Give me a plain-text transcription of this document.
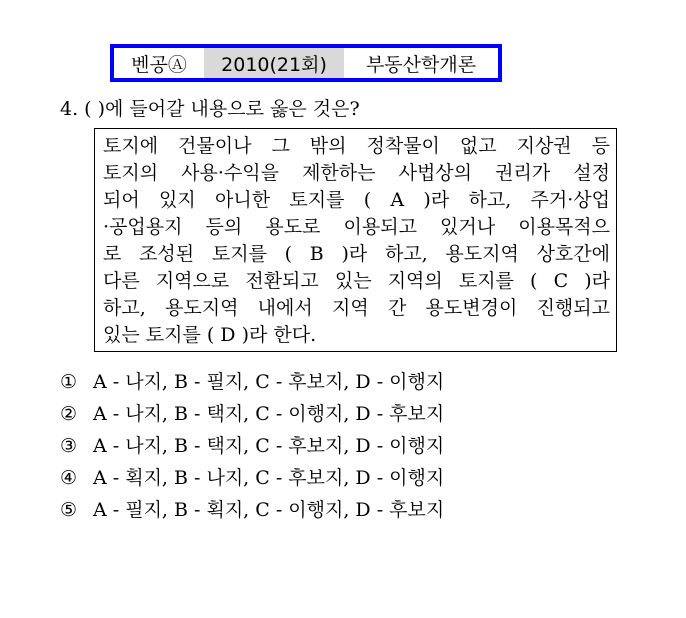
벤공Ⓐ	2010(21회)	부동산학개론
4. ( )에 들어갈 내용으로 옳은 것은?
토지에 건물이나 그 밖의 정착물이 없고 지상권 등
토지의 사용·수익을 제한하는 사법상의 권리가 설정
되어 있지 아니한 토지를 ( A )라 하고, 주거·상업
·공업용지 등의 용도로 이용되고 있거나 이용목적으
로 조성된 토지를 ( B )라 하고, 용도지역 상호간에
다른 지역으로 전환되고 있는 지역의 토지를 ( C )라
하고, 용도지역 내에서 지역 간 용도변경이 진행되고
있는 토지를 ( D )라 한다.
① A - 나지, B - 필지, C - 후보지, D - 이행지
② A - 나지, B - 택지, C - 이행지, D - 후보지
③ A - 나지, B - 택지, C - 후보지, D - 이행지
④ A - 획지, B - 나지, C - 후보지, D - 이행지
⑤ A - 필지, B - 획지, C - 이행지, D - 후보지
